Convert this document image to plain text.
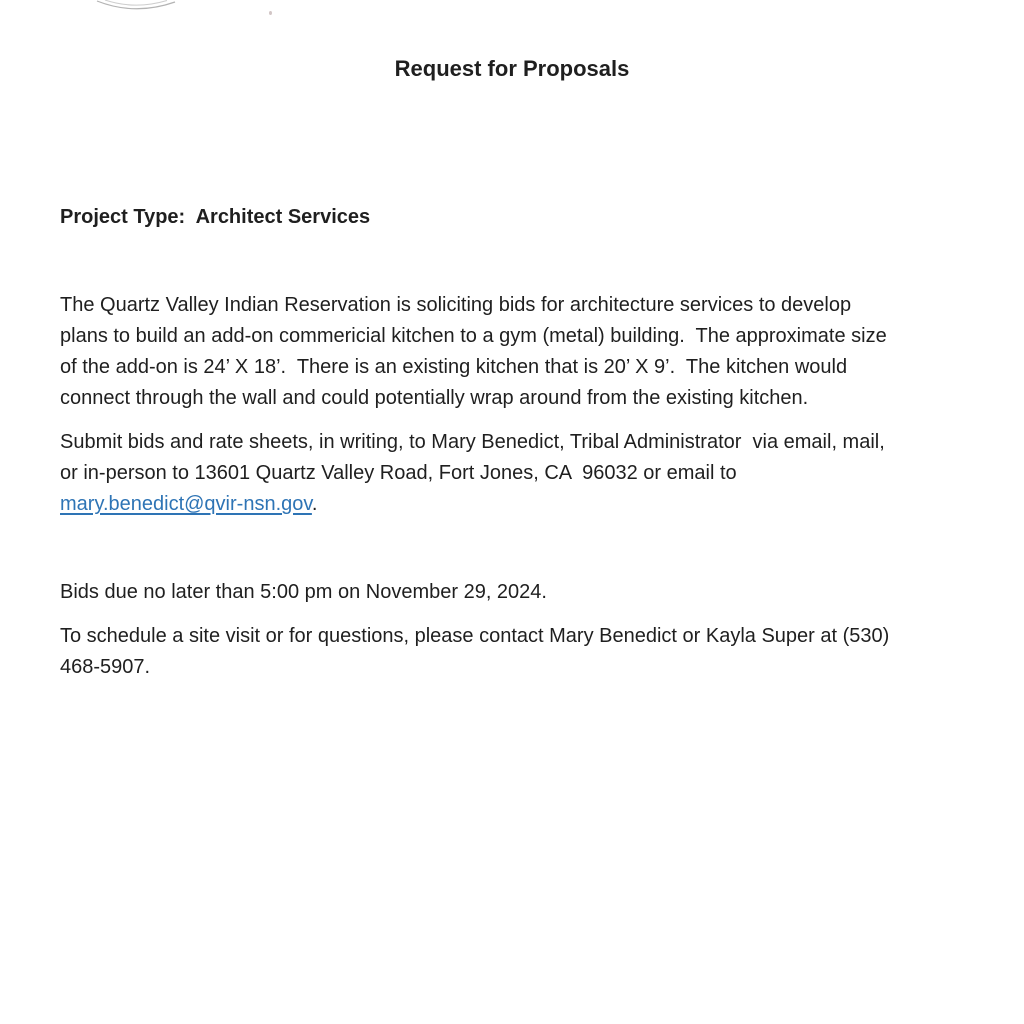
Request for Proposals
Project Type:  Architect Services
The Quartz Valley Indian Reservation is soliciting bids for architecture services to develop
plans to build an add-on commericial kitchen to a gym (metal) building.  The approximate size
of the add-on is 24’ X 18’.  There is an existing kitchen that is 20’ X 9’.  The kitchen would
connect through the wall and could potentially wrap around from the existing kitchen.
Submit bids and rate sheets, in writing, to Mary Benedict, Tribal Administrator  via email, mail,
or in-person to 13601 Quartz Valley Road, Fort Jones, CA  96032 or email to
mary.benedict@qvir-nsn.gov.
Bids due no later than 5:00 pm on November 29, 2024.
To schedule a site visit or for questions, please contact Mary Benedict or Kayla Super at (530)
468-5907.
